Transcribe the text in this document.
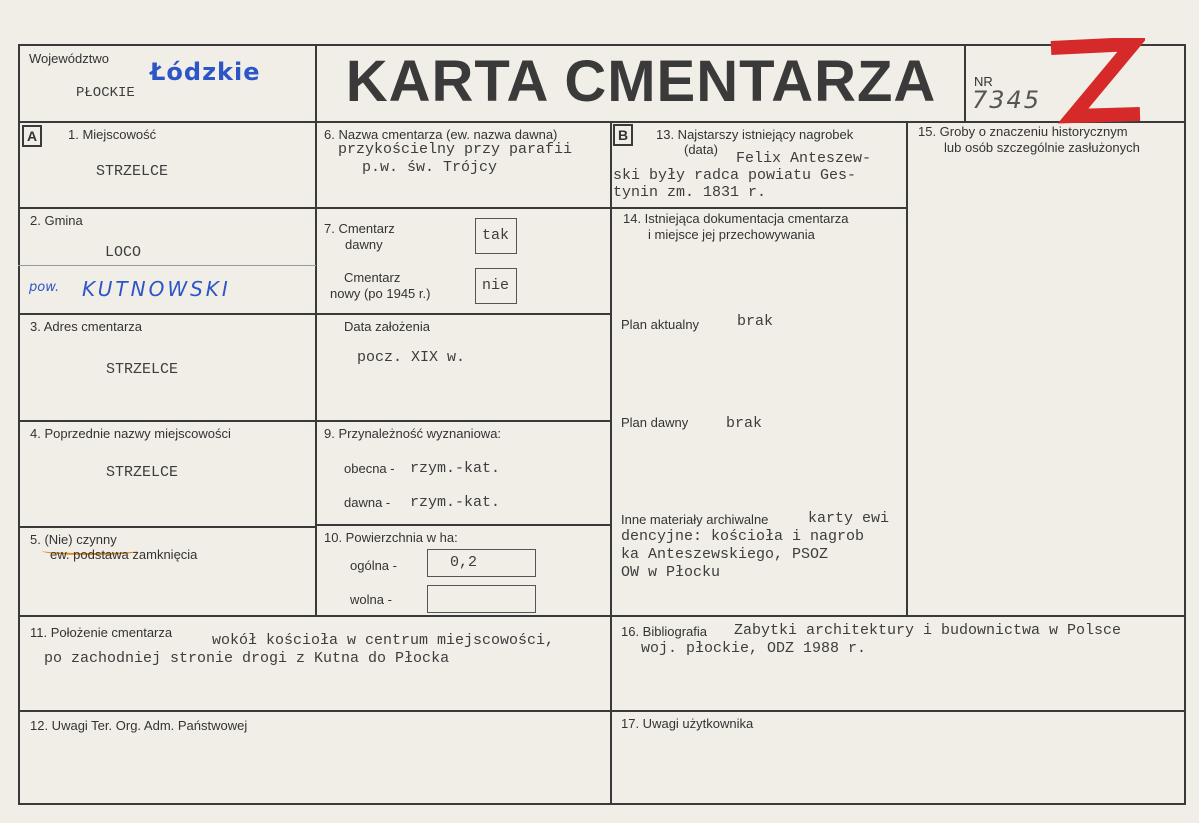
Województwo
PŁOCKIE
Łódzkie	KARTA CMENTARZA	NR
7345
A	1. Miejscowość
STRZELCE
2. Gmina
LOCO
pow. KUTNOWSKI
3. Adres cmentarza
STRZELCE
4. Poprzednie nazwy miejscowości
STRZELCE
5. (Nie) czynny
ew. podstawa zamknięcia
6. Nazwa cmentarza (ew. nazwa dawna)
przykościelny przy parafii
p.w. św. Trójcy
7. Cmentarz
dawny
tak
Cmentarz
nowy (po 1945 r.)	nie
Data założenia
pocz. XIX w.
9. Przynależność wyznaniowa:
obecna - rzym.-kat.
dawna - rzym.-kat.
10. Powierzchnia w ha:
ogólna -	0,2
wolna -
B	13. Najstarszy istniejący nagrobek
(data)
Felix Anteszew-
ski były radca powiatu Ges-
tynin zm. 1831 r.
14. Istniejąca dokumentacja cmentarza
i miejsce jej przechowywania
Plan aktualny	brak
Plan dawny	brak
Inne materiały archiwalne	karty ewi
dencyjne: kościoła i nagrob
ka Anteszewskiego, PSOZ
OW w Płocku
15. Groby o znaczeniu historycznym
lub osób szczególnie zasłużonych
11. Położenie cmentarza	wokół kościoła w centrum miejscowości,
po zachodniej stronie drogi z Kutna do Płocka
16. Bibliografia Zabytki architektury i budownictwa w Polsce
woj. płockie, ODZ 1988 r.
12. Uwagi Ter. Org. Adm. Państwowej	17. Uwagi użytkownika
